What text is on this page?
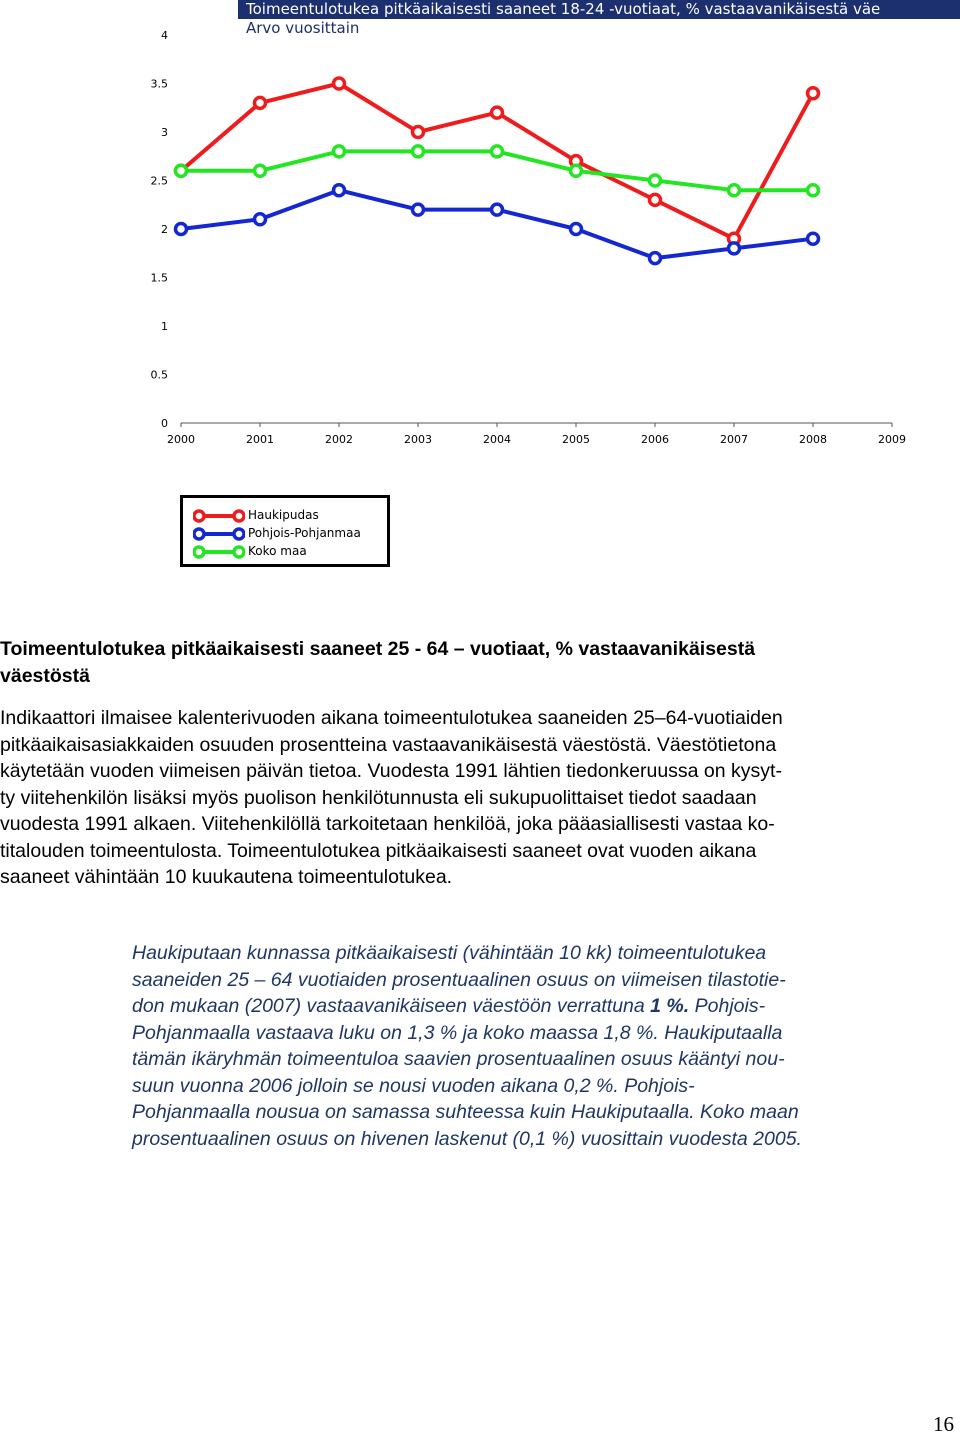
Toimeentulotukea pitkäaikaisesti saaneet 18-24 -vuotiaat, % vastaavanikäisestä väe
Arvo vuosittain
2000	2001	2002	2003	2004	2005	2006	2007	2008	2009
0
0.5
1
1.5
2
2.5
3
3.5
4
Haukipudas
Pohjois-Pohjanmaa
Koko maa
Toimeentulotukea pitkäaikaisesti saaneet 25 - 64 – vuotiaat, % vastaavanikäisestä
väestöstä
Indikaattori ilmaisee kalenterivuoden aikana toimeentulotukea saaneiden 25–64-vuotiaiden
pitkäaikaisasiakkaiden osuuden prosentteina vastaavanikäisestä väestöstä. Väestötietona
käytetään vuoden viimeisen päivän tietoa. Vuodesta 1991 lähtien tiedonkeruussa on kysyt-
ty viitehenkilön lisäksi myös puolison henkilötunnusta eli sukupuolittaiset tiedot saadaan
vuodesta 1991 alkaen. Viitehenkilöllä tarkoitetaan henkilöä, joka pääasiallisesti vastaa ko-
titalouden toimeentulosta. Toimeentulotukea pitkäaikaisesti saaneet ovat vuoden aikana
saaneet vähintään 10 kuukautena toimeentulotukea.
Haukiputaan kunnassa pitkäaikaisesti (vähintään 10 kk) toimeentulotukea
saaneiden 25 – 64 vuotiaiden prosentuaalinen osuus on viimeisen tilastotie-
don mukaan (2007) vastaavanikäiseen väestöön verrattuna 1 %. Pohjois-
Pohjanmaalla vastaava luku on 1,3 % ja koko maassa 1,8 %. Haukiputaalla
tämän ikäryhmän toimeentuloa saavien prosentuaalinen osuus kääntyi nou-
suun vuonna 2006 jolloin se nousi vuoden aikana 0,2 %. Pohjois-
Pohjanmaalla nousua on samassa suhteessa kuin Haukiputaalla. Koko maan
prosentuaalinen osuus on hivenen laskenut (0,1 %) vuosittain vuodesta 2005.
16
